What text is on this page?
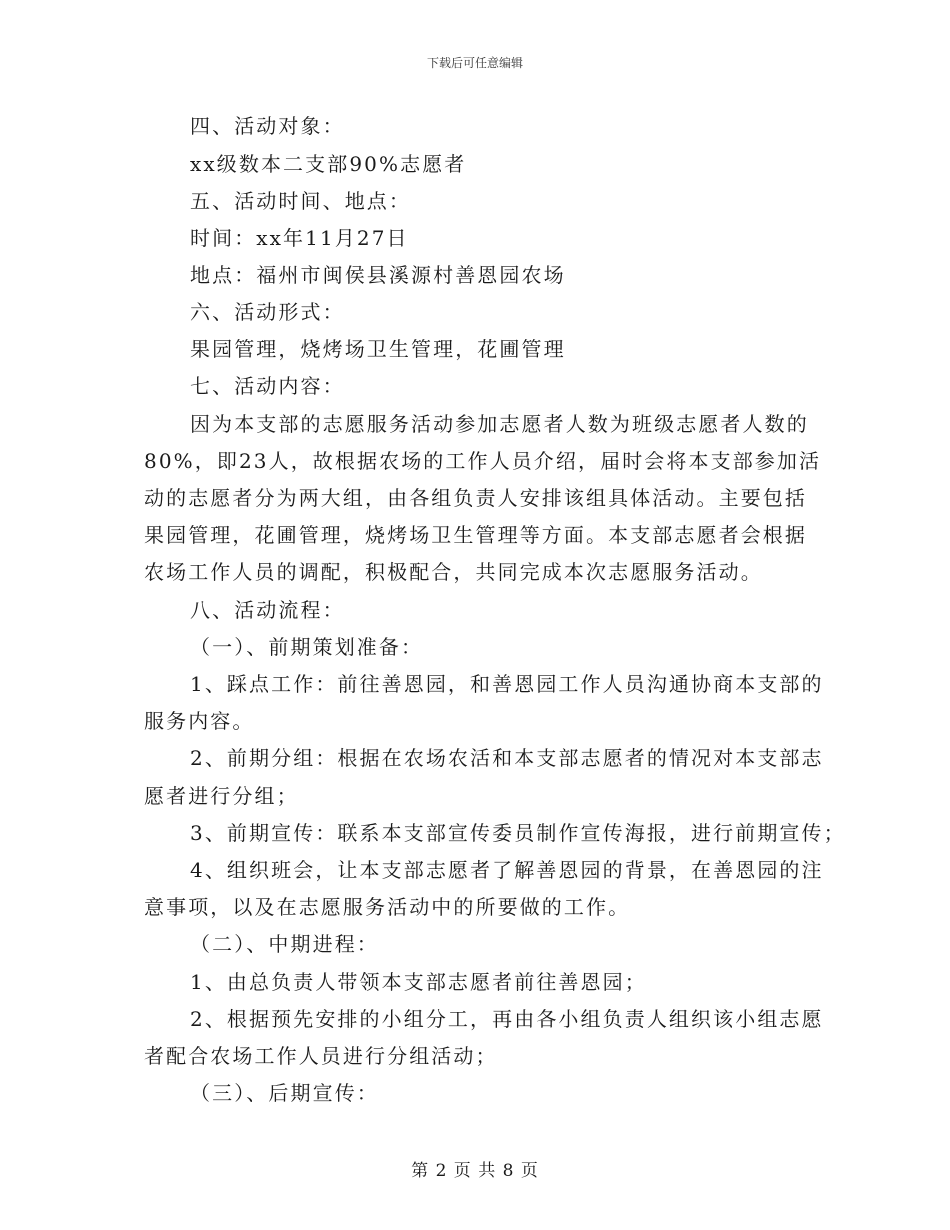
下载后可任意编辑
四、活动对象：
xx级数本二支部90%志愿者
五、活动时间、地点：
时间：xx年11月27日
地点：福州市闽侯县溪源村善恩园农场
六、活动形式：
果园管理，烧烤场卫生管理，花圃管理
七、活动内容：
因为本支部的志愿服务活动参加志愿者人数为班级志愿者人数的
80%，即23人，故根据农场的工作人员介绍，届时会将本支部参加活
动的志愿者分为两大组，由各组负责人安排该组具体活动。主要包括
果园管理，花圃管理，烧烤场卫生管理等方面。本支部志愿者会根据
农场工作人员的调配，积极配合，共同完成本次志愿服务活动。
八、活动流程：
（一）、前期策划准备：
1、踩点工作：前往善恩园，和善恩园工作人员沟通协商本支部的
服务内容。
2、前期分组：根据在农场农活和本支部志愿者的情况对本支部志
愿者进行分组；
3、前期宣传：联系本支部宣传委员制作宣传海报，进行前期宣传；
4、组织班会，让本支部志愿者了解善恩园的背景，在善恩园的注
意事项，以及在志愿服务活动中的所要做的工作。
（二）、中期进程：
1、由总负责人带领本支部志愿者前往善恩园；
2、根据预先安排的小组分工，再由各小组负责人组织该小组志愿
者配合农场工作人员进行分组活动；
（三）、后期宣传：
第 2 页 共 8 页
